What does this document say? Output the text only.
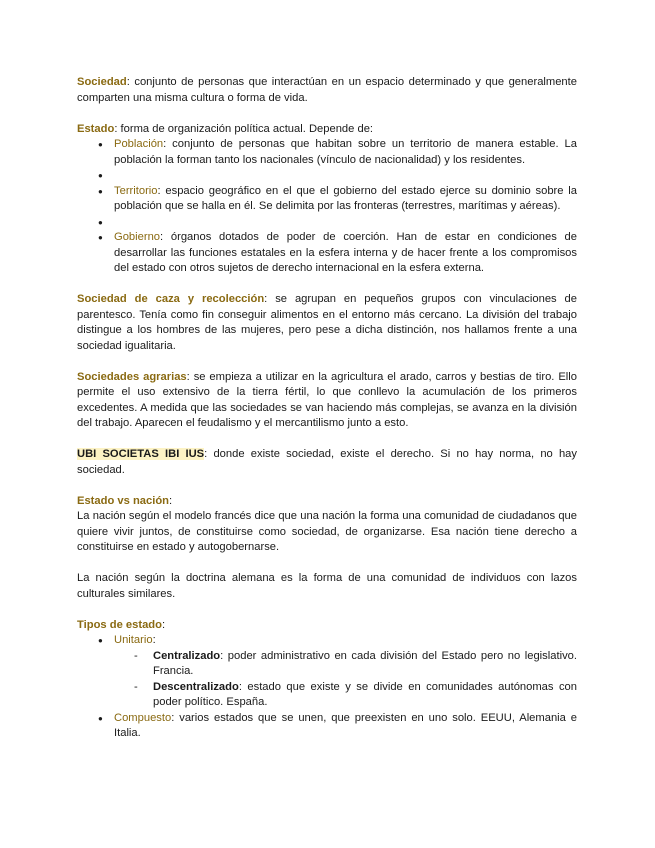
Sociedad: conjunto de personas que interactúan en un espacio determinado y que generalmente comparten una misma cultura o forma de vida.

Estado: forma de organización política actual. Depende de:

● Población: conjunto de personas que habitan sobre un territorio de manera estable. La población la forman tanto los nacionales (vínculo de nacionalidad) y los residentes.
●
● Territorio: espacio geográfico en el que el gobierno del estado ejerce su dominio sobre la población que se halla en él. Se delimita por las fronteras (terrestres, marítimas y aéreas).
●
● Gobierno: órganos dotados de poder de coerción. Han de estar en condiciones de desarrollar las funciones estatales en la esfera interna y de hacer frente a los compromisos del estado con otros sujetos de derecho internacional en la esfera externa.

Sociedad de caza y recolección: se agrupan en pequeños grupos con vinculaciones de parentesco. Tenía como fin conseguir alimentos en el entorno más cercano. La división del trabajo distingue a los hombres de las mujeres, pero pese a dicha distinción, nos hallamos frente a una sociedad igualitaria.

Sociedades agrarias: se empieza a utilizar en la agricultura el arado, carros y bestias de tiro. Ello permite el uso extensivo de la tierra fértil, lo que conllevo la acumulación de los primeros excedentes. A medida que las sociedades se van haciendo más complejas, se avanza en la división del trabajo. Aparecen el feudalismo y el mercantilismo junto a esto.

UBI SOCIETAS IBI IUS: donde existe sociedad, existe el derecho. Si no hay norma, no hay sociedad.

Estado vs nación:

La nación según el modelo francés dice que una nación la forma una comunidad de ciudadanos que quiere vivir juntos, de constituirse como sociedad, de organizarse. Esa nación tiene derecho a constituirse en estado y autogobernarse.

La nación según la doctrina alemana es la forma de una comunidad de individuos con lazos culturales similares.

Tipos de estado:

● Unitario:
- Centralizado: poder administrativo en cada división del Estado pero no legislativo. Francia.
- Descentralizado: estado que existe y se divide en comunidades autónomas con poder político. España.
● Compuesto: varios estados que se unen, que preexisten en uno solo. EEUU, Alemania e Italia.
